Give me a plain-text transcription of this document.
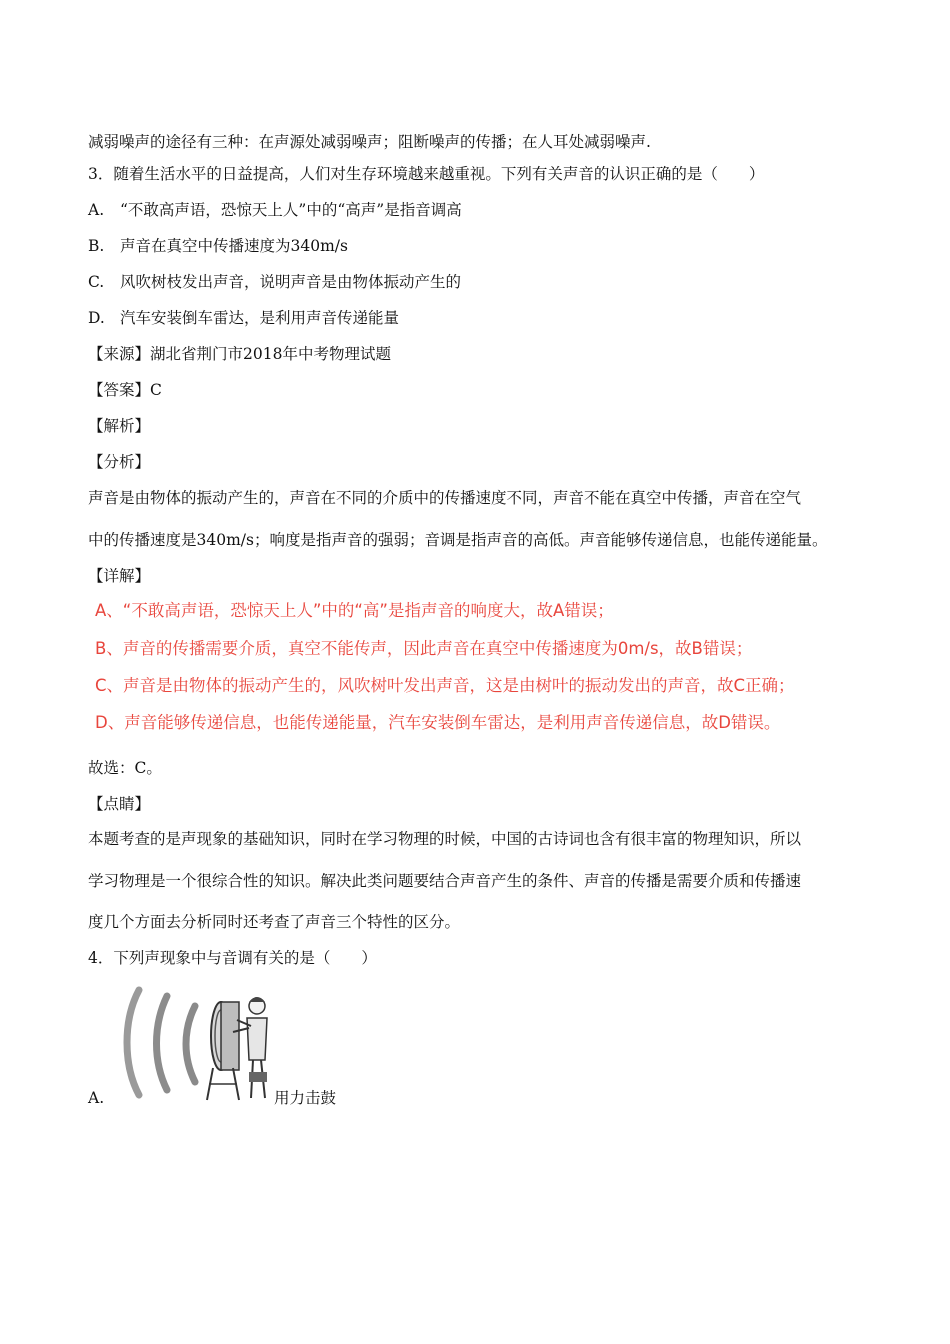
减弱噪声的途径有三种：在声源处减弱噪声；阻断噪声的传播；在人耳处减弱噪声.
3．随着生活水平的日益提高，人们对生存环境越来越重视。下列有关声音的认识正确的是（　　）
A. “不敢高声语，恐惊天上人”中的“高声”是指音调高
B. 声音在真空中传播速度为340m/s
C. 风吹树枝发出声音，说明声音是由物体振动产生的
D. 汽车安装倒车雷达，是利用声音传递能量
【来源】湖北省荆门市2018年中考物理试题
【答案】C
【解析】
【分析】
声音是由物体的振动产生的，声音在不同的介质中的传播速度不同，声音不能在真空中传播，声音在空气
中的传播速度是340m/s；响度是指声音的强弱；音调是指声音的高低。声音能够传递信息，也能传递能量。
【详解】
A、“不敢高声语，恐惊天上人”中的“高”是指声音的响度大，故A错误；
B、声音的传播需要介质，真空不能传声，因此声音在真空中传播速度为0m/s，故B错误；
C、声音是由物体的振动产生的，风吹树叶发出声音，这是由树叶的振动发出的声音，故C正确；
D、声音能够传递信息，也能传递能量，汽车安装倒车雷达，是利用声音传递信息，故D错误。
故选：C。
【点睛】
本题考查的是声现象的基础知识，同时在学习物理的时候，中国的古诗词也含有很丰富的物理知识，所以
学习物理是一个很综合性的知识。解决此类问题要结合声音产生的条件、声音的传播是需要介质和传播速
度几个方面去分析同时还考查了声音三个特性的区分。
4．下列声现象中与音调有关的是（　　）
A.	用力击鼓
